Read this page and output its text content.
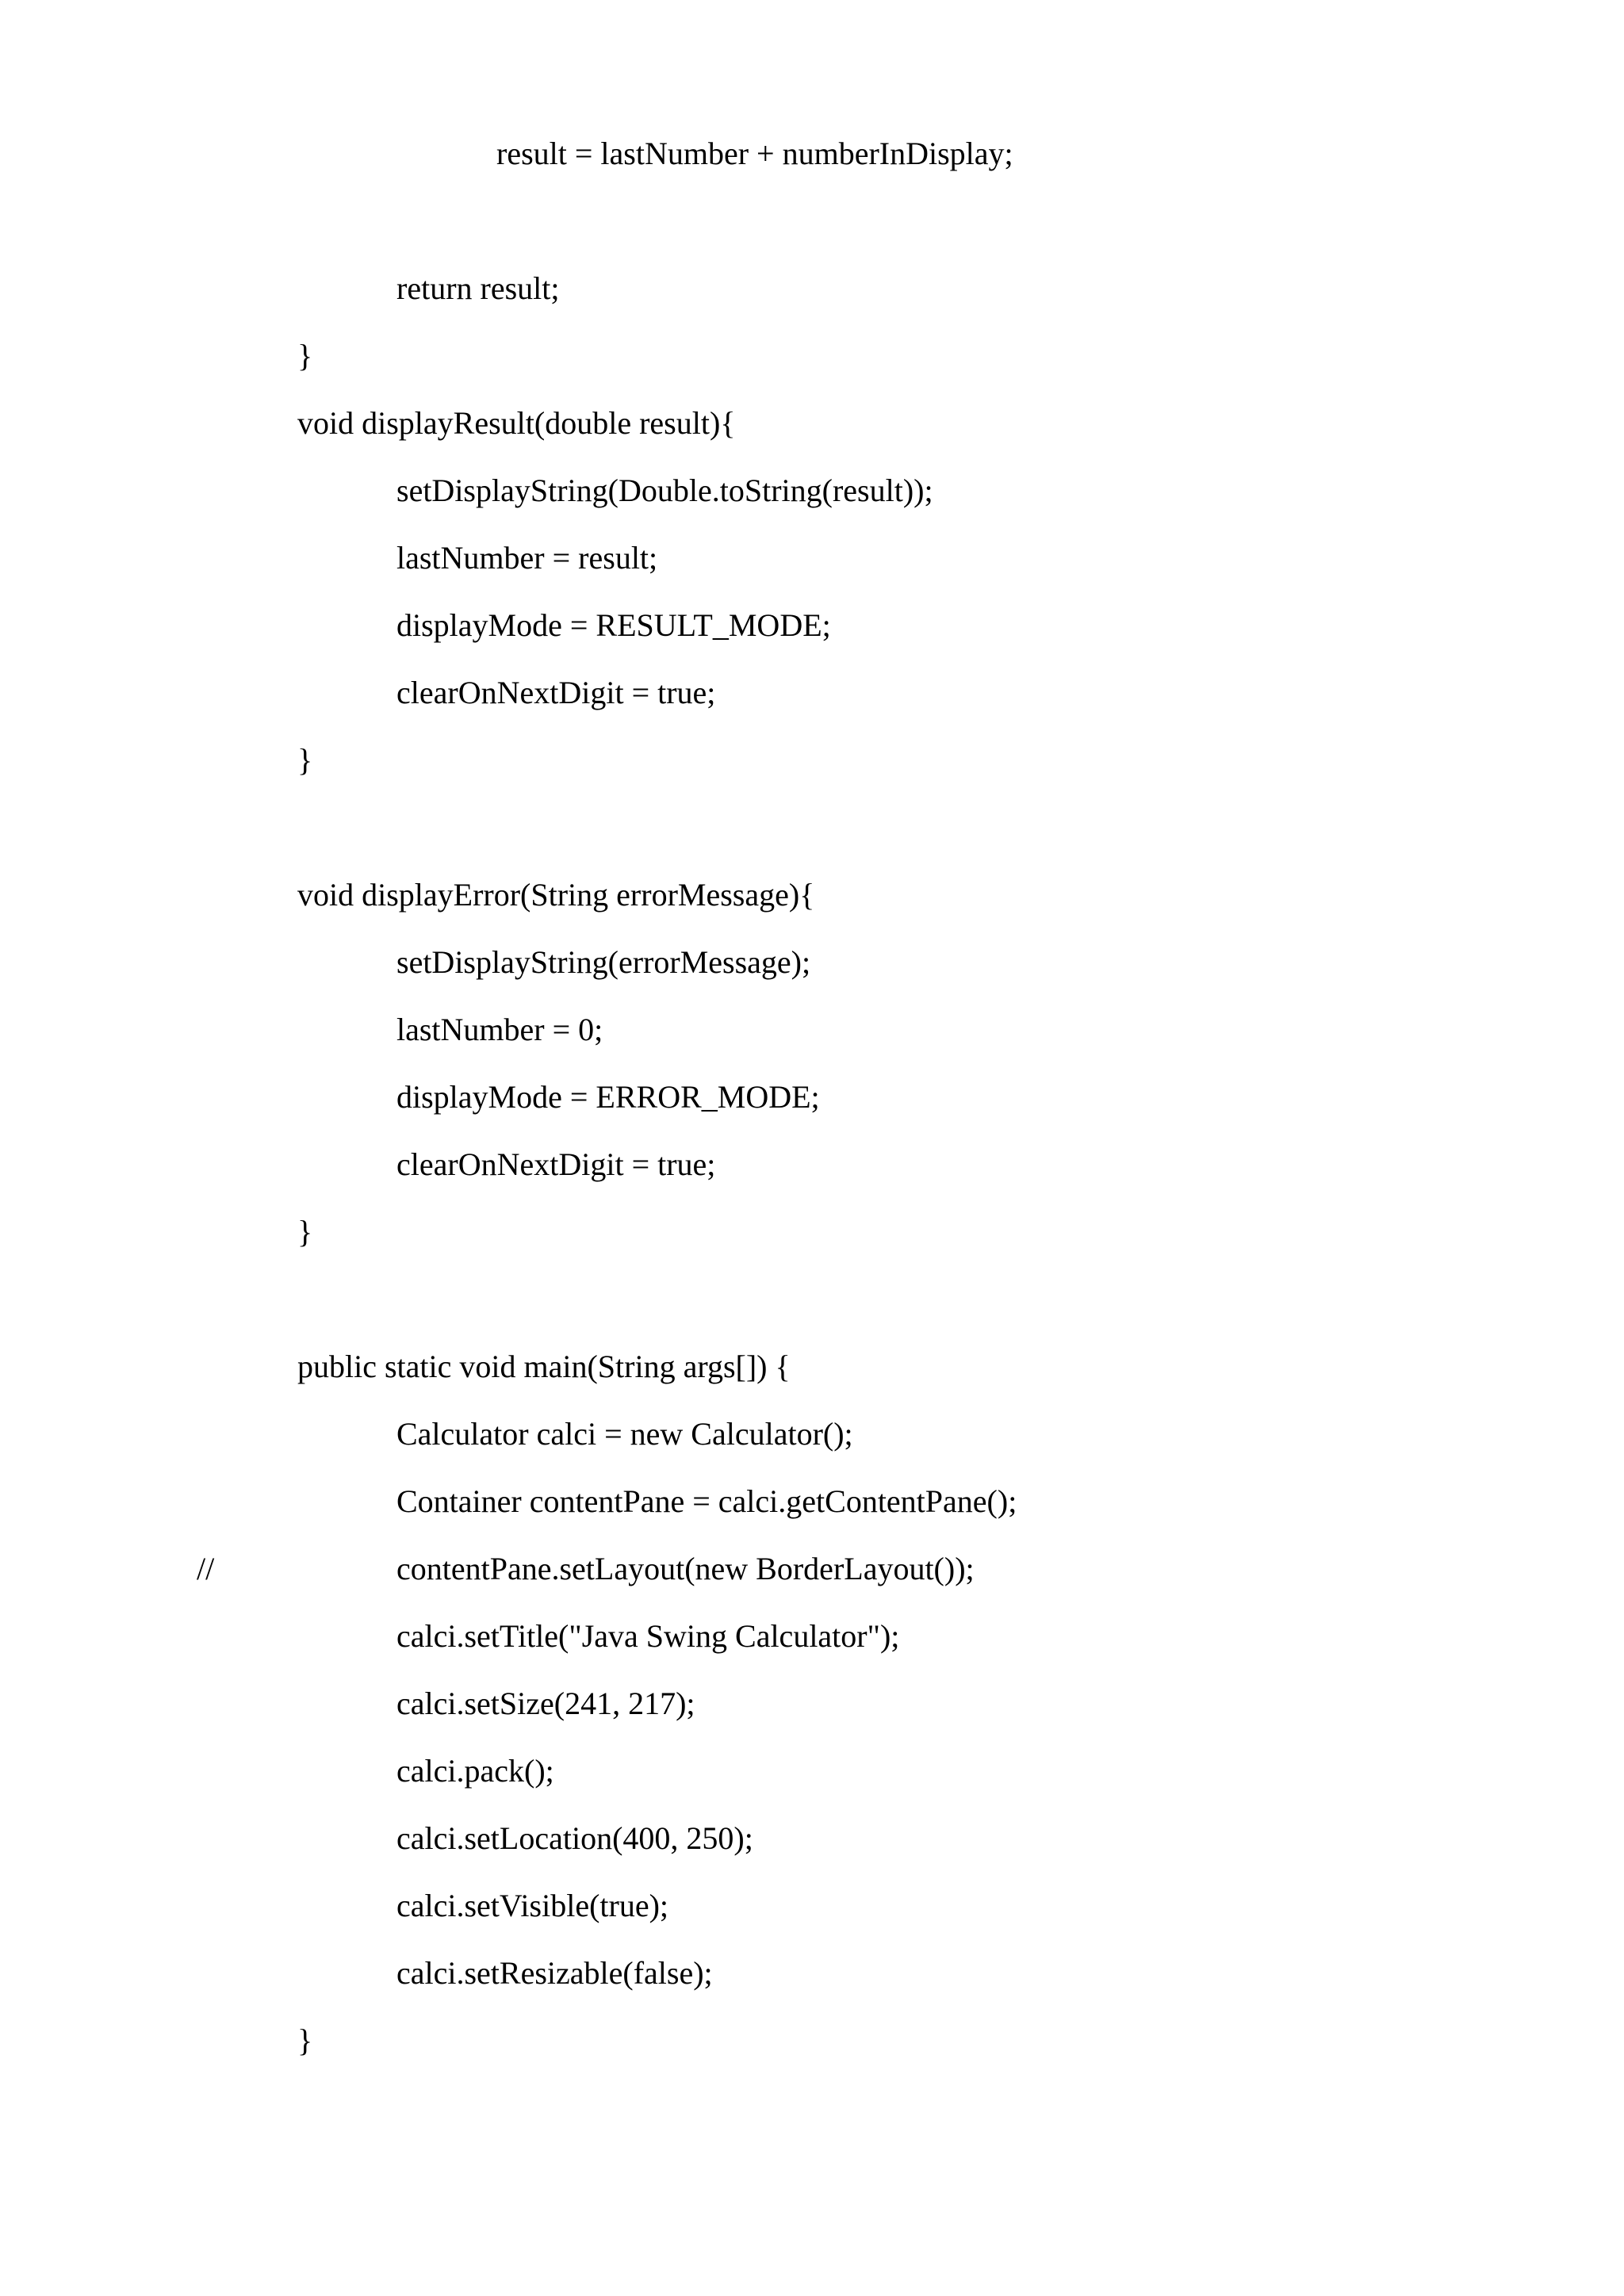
result = lastNumber + numberInDisplay;

return result;

}

void displayResult(double result){

setDisplayString(Double.toString(result));

lastNumber = result;

displayMode = RESULT_MODE;

clearOnNextDigit = true;

}

void displayError(String errorMessage){

setDisplayString(errorMessage);

lastNumber = 0;

displayMode = ERROR_MODE;

clearOnNextDigit = true;

}

public static void main(String args[]) {

Calculator calci = new Calculator();

Container contentPane = calci.getContentPane();

//	contentPane.setLayout(new BorderLayout());

calci.setTitle("Java Swing Calculator");

calci.setSize(241, 217);

calci.pack();

calci.setLocation(400, 250);

calci.setVisible(true);

calci.setResizable(false);

}
